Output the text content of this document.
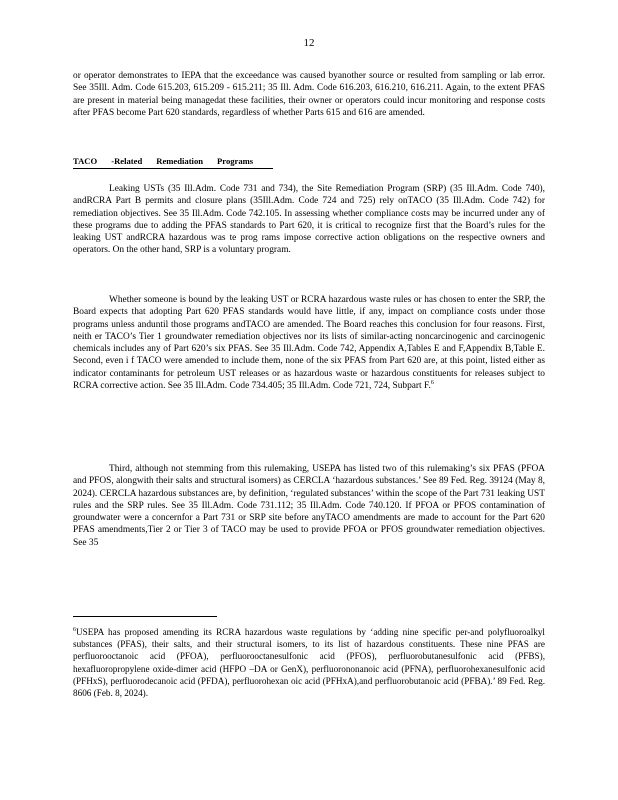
12

or operator demonstrates to IEPA that the exceedance was caused byanother source or resulted from sampling or lab error. See 35Ill. Adm. Code 615.203, 615.209 - 615.211; 35 Ill. Adm. Code 616.203, 616.210, 616.211. Again, to the extent PFAS are present in material being managedat these facilities, their owner or operators could incur monitoring and response costs after PFAS become Part 620 standards, regardless of whether Parts 615 and 616 are amended.

TACO -Related Remediation Programs

Leaking USTs (35 Ill.Adm. Code 731 and 734), the Site Remediation Program (SRP) (35 Ill.Adm. Code 740), andRCRA Part B permits and closure plans (35Ill.Adm. Code 724 and 725) rely onTACO (35 Ill.Adm. Code 742) for remediation objectives. See 35 Ill.Adm. Code 742.105. In assessing whether compliance costs may be incurred under any of these programs due to adding the PFAS standards to Part 620, it is critical to recognize first that the Board’s rules for the leaking UST andRCRA hazardous was te prog rams impose corrective action obligations on the respective owners and operators. On the other hand, SRP is a voluntary program.

Whether someone is bound by the leaking UST or RCRA hazardous waste rules or has chosen to enter the SRP, the Board expects that adopting Part 620 PFAS standards would have little, if any, impact on compliance costs under those programs unless anduntil those programs andTACO are amended. The Board reaches this conclusion for four reasons. First, neith er TACO’s Tier 1 groundwater remediation objectives nor its lists of similar-acting noncarcinogenic and carcinogenic chemicals includes any of Part 620’s six PFAS. See 35 Ill.Adm. Code 742, Appendix A,Tables E and F,Appendix B,Table E. Second, even i f TACO were amended to include them, none of the six PFAS from Part 620 are, at this point, listed either as indicator contaminants for petroleum UST releases or as hazardous waste or hazardous constituents for releases subject to RCRA corrective action. See 35 Ill.Adm. Code 734.405; 35 Ill.Adm. Code 721, 724, Subpart F.$^6$

Third, although not stemming from this rulemaking, USEPA has listed two of this rulemaking’s six PFAS (PFOA and PFOS, alongwith their salts and structural isomers) as CERCLA ‘hazardous substances.’ See 89 Fed. Reg. 39124 (May 8, 2024). CERCLA hazardous substances are, by definition, ‘regulated substances’ within the scope of the Part 731 leaking UST rules and the SRP rules. See 35 Ill.Adm. Code 731.112; 35 Ill.Adm. Code 740.120. If PFOA or PFOS contamination of groundwater were a concernfor a Part 731 or SRP site before anyTACO amendments are made to account for the Part 620 PFAS amendments,Tier 2 or Tier 3 of TACO may be used to provide PFOA or PFOS groundwater remediation objectives. See 35

$^6$USEPA has proposed amending its RCRA hazardous waste regulations by ‘adding nine specific per-and polyfluoroalkyl substances (PFAS), their salts, and their structural isomers, to its list of hazardous constituents. These nine PFAS are perfluorooctanoic acid (PFOA), perfluorooctanesulfonic acid (PFOS), perfluorobutanesulfonic acid (PFBS), hexafluoropropylene oxide-dimer acid (HFPO –DA or GenX), perfluorononanoic acid (PFNA), perfluorohexanesulfonic acid (PFHxS), perfluorodecanoic acid (PFDA), perfluorohexan oic acid (PFHxA),and perfluorobutanoic acid (PFBA).’ 89 Fed. Reg. 8606 (Feb. 8, 2024).
